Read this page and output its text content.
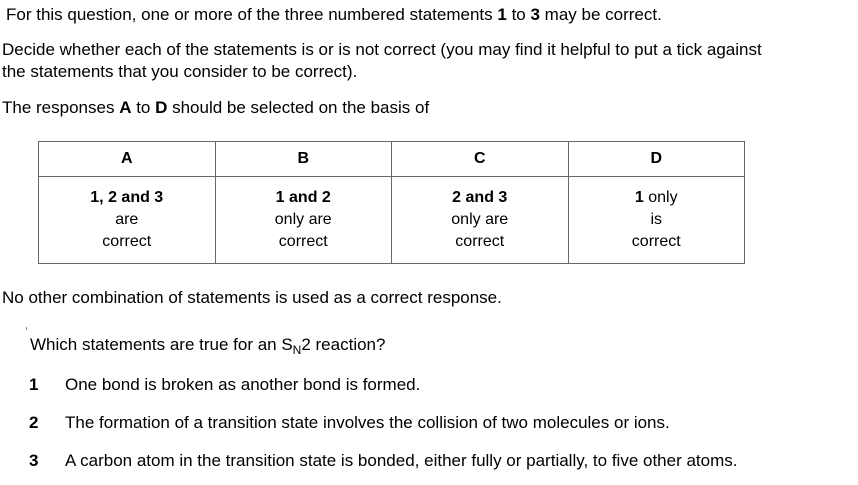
For this question, one or more of the three numbered statements 1 to 3 may be correct.
Decide whether each of the statements is or is not correct (you may find it helpful to put a tick against
the statements that you consider to be correct).
The responses A to D should be selected on the basis of
A	B	C	D

1, 2 and 3
are
correct	1 and 2
only are
correct	2 and 3
only are
correct	1 only
is
correct
No other combination of statements is used as a correct response.
Which statements are true for an $S_N2$ reaction?
1 One bond is broken as another bond is formed.
2 The formation of a transition state involves the collision of two molecules or ions.
3 A carbon atom in the transition state is bonded, either fully or partially, to five other atoms.
